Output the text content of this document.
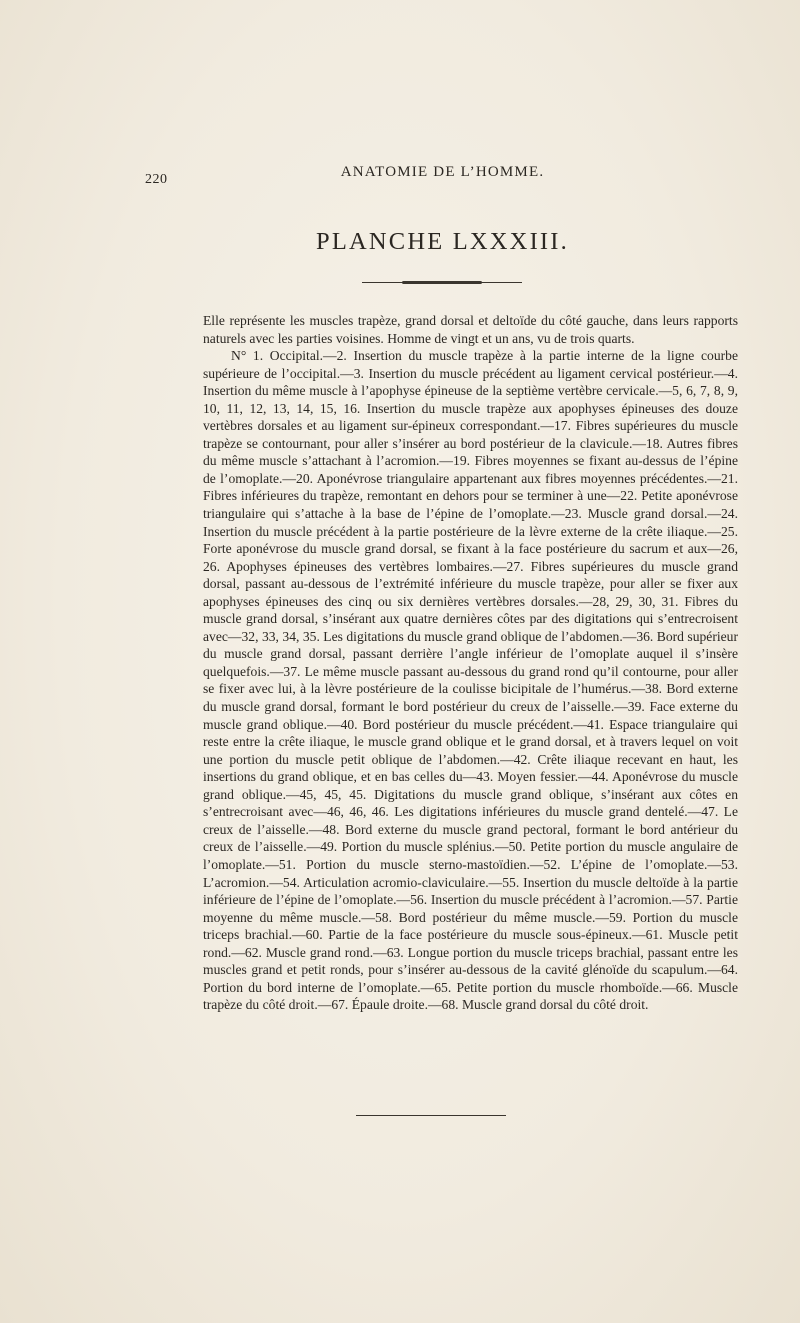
220	ANATOMIE DE L’HOMME.
PLANCHE LXXXIII.

Elle représente les muscles trapèze, grand dorsal et deltoïde du côté gauche, dans leurs rapports naturels avec les parties voisines. Homme de vingt et un ans, vu de trois quarts.

N° 1. Occipital.—2. Insertion du muscle trapèze à la partie interne de la ligne courbe supérieure de l’occipital.—3. Insertion du muscle précédent au ligament cervical postérieur.—4. Insertion du même muscle à l’apophyse épineuse de la septième vertèbre cervicale.—5, 6, 7, 8, 9, 10, 11, 12, 13, 14, 15, 16. Insertion du muscle trapèze aux apophyses épineuses des douze vertèbres dorsales et au ligament sur-épineux correspondant.—17. Fibres supérieures du muscle trapèze se contournant, pour aller s’insérer au bord postérieur de la clavicule.—18. Autres fibres du même muscle s’attachant à l’acromion.—19. Fibres moyennes se fixant au-dessus de l’épine de l’omoplate.—20. Aponévrose triangulaire appartenant aux fibres moyennes précédentes.—21. Fibres inférieures du trapèze, remontant en dehors pour se terminer à une—22. Petite aponévrose triangulaire qui s’attache à la base de l’épine de l’omoplate.—23. Muscle grand dorsal.—24. Insertion du muscle précédent à la partie postérieure de la lèvre externe de la crête iliaque.—25. Forte aponévrose du muscle grand dorsal, se fixant à la face postérieure du sacrum et aux—26, 26. Apophyses épineuses des vertèbres lombaires.—27. Fibres supérieures du muscle grand dorsal, passant au-dessous de l’extrémité inférieure du muscle trapèze, pour aller se fixer aux apophyses épineuses des cinq ou six dernières vertèbres dorsales.—28, 29, 30, 31. Fibres du muscle grand dorsal, s’insérant aux quatre dernières côtes par des digitations qui s’entrecroisent avec—32, 33, 34, 35. Les digitations du muscle grand oblique de l’abdomen.—36. Bord supérieur du muscle grand dorsal, passant derrière l’angle inférieur de l’omoplate auquel il s’insère quelquefois.—37. Le même muscle passant au-dessous du grand rond qu’il contourne, pour aller se fixer avec lui, à la lèvre postérieure de la coulisse bicipitale de l’humérus.—38. Bord externe du muscle grand dorsal, formant le bord postérieur du creux de l’aisselle.—39. Face externe du muscle grand oblique.—40. Bord postérieur du muscle précédent.—41. Espace triangulaire qui reste entre la crête iliaque, le muscle grand oblique et le grand dorsal, et à travers lequel on voit une portion du muscle petit oblique de l’abdomen.—42. Crête iliaque recevant en haut, les insertions du grand oblique, et en bas celles du—43. Moyen fessier.—44. Aponévrose du muscle grand oblique.—45, 45, 45. Digitations du muscle grand oblique, s’insérant aux côtes en s’entrecroisant avec—46, 46, 46. Les digitations inférieures du muscle grand dentelé.—47. Le creux de l’aisselle.—48. Bord externe du muscle grand pectoral, formant le bord antérieur du creux de l’aisselle.—49. Portion du muscle splénius.—50. Petite portion du muscle angulaire de l’omoplate.—51. Portion du muscle sterno-mastoïdien.—52. L’épine de l’omoplate.—53. L’acromion.—54. Articulation acromio-claviculaire.—55. Insertion du muscle deltoïde à la partie inférieure de l’épine de l’omoplate.—56. Insertion du muscle précédent à l’acromion.—57. Partie moyenne du même muscle.—58. Bord postérieur du même muscle.—59. Portion du muscle triceps brachial.—60. Partie de la face postérieure du muscle sous-épineux.—61. Muscle petit rond.—62. Muscle grand rond.—63. Longue portion du muscle triceps brachial, passant entre les muscles grand et petit ronds, pour s’insérer au-dessous de la cavité glénoïde du scapulum.—64. Portion du bord interne de l’omoplate.—65. Petite portion du muscle rhomboïde.—66. Muscle trapèze du côté droit.—67. Épaule droite.—68. Muscle grand dorsal du côté droit.
